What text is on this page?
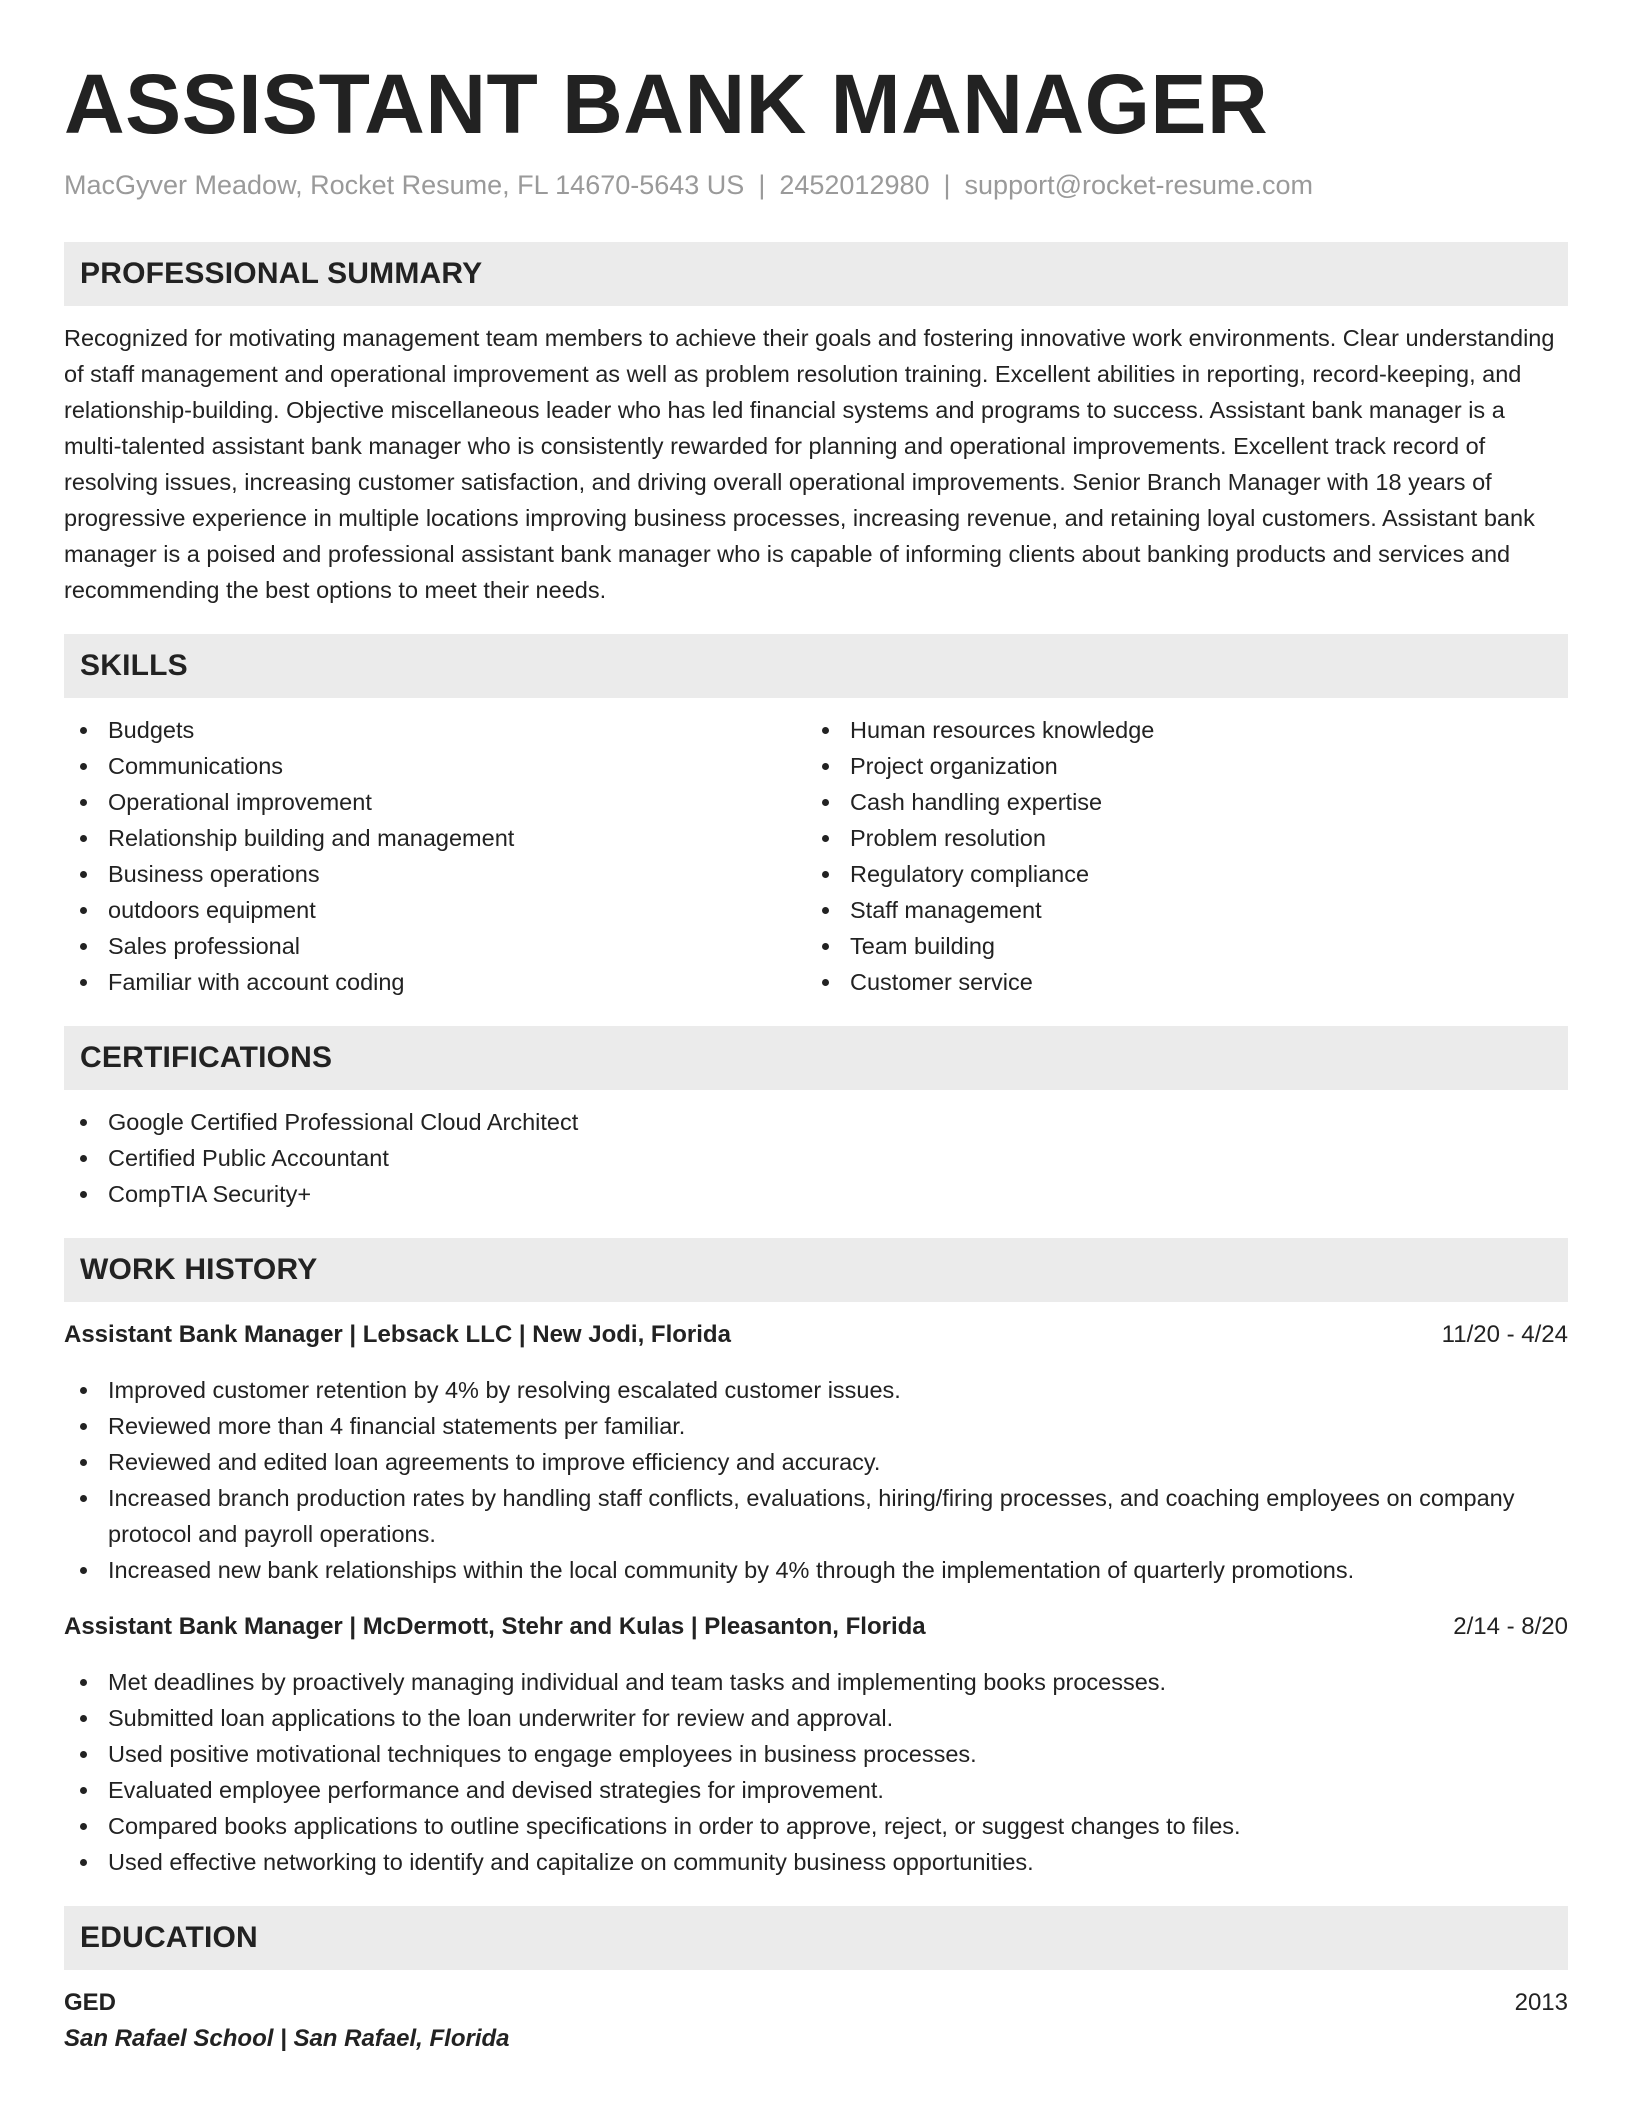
ASSISTANT BANK MANAGER
MacGyver Meadow, Rocket Resume, FL 14670-5643 US | 2452012980 | support@rocket-resume.com
PROFESSIONAL SUMMARY

Recognized for motivating management team members to achieve their goals and fostering innovative work environments. Clear understanding of staff management and operational improvement as well as problem resolution training. Excellent abilities in reporting, record-keeping, and relationship-building. Objective miscellaneous leader who has led financial systems and programs to success. Assistant bank manager is a multi-talented assistant bank manager who is consistently rewarded for planning and operational improvements. Excellent track record of resolving issues, increasing customer satisfaction, and driving overall operational improvements. Senior Branch Manager with 18 years of progressive experience in multiple locations improving business processes, increasing revenue, and retaining loyal customers. Assistant bank manager is a poised and professional assistant bank manager who is capable of informing clients about banking products and services and recommending the best options to meet their needs.

SKILLS
Budgets
Communications
Operational improvement
Relationship building and management
Business operations
outdoors equipment
Sales professional
Familiar with account coding
Human resources knowledge
Project organization
Cash handling expertise
Problem resolution
Regulatory compliance
Staff management
Team building
Customer service
CERTIFICATIONS
Google Certified Professional Cloud Architect
Certified Public Accountant
CompTIA Security+
WORK HISTORY
Assistant Bank Manager | Lebsack LLC | New Jodi, Florida	11/20 - 4/24
Improved customer retention by 4% by resolving escalated customer issues.
Reviewed more than 4 financial statements per familiar.
Reviewed and edited loan agreements to improve efficiency and accuracy.
Increased branch production rates by handling staff conflicts, evaluations, hiring/firing processes, and coaching employees on company protocol and payroll operations.
Increased new bank relationships within the local community by 4% through the implementation of quarterly promotions.
Assistant Bank Manager | McDermott, Stehr and Kulas | Pleasanton, Florida	2/14 - 8/20
Met deadlines by proactively managing individual and team tasks and implementing books processes.
Submitted loan applications to the loan underwriter for review and approval.
Used positive motivational techniques to engage employees in business processes.
Evaluated employee performance and devised strategies for improvement.
Compared books applications to outline specifications in order to approve, reject, or suggest changes to files.
Used effective networking to identify and capitalize on community business opportunities.
EDUCATION
GED	2013
San Rafael School | San Rafael, Florida
